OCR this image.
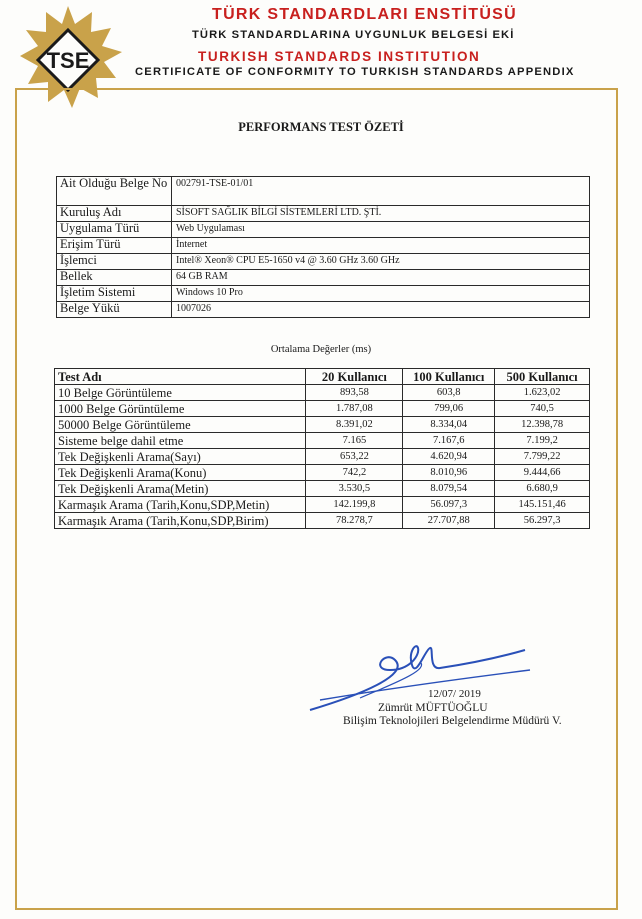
TSE
TÜRK STANDARDLARI ENSTİTÜSÜ
TÜRK STANDARDLARINA UYGUNLUK BELGESİ EKİ
TURKISH STANDARDS INSTITUTION
CERTIFICATE OF CONFORMITY TO TURKISH STANDARDS APPENDIX
PERFORMANS TEST ÖZETİ
Ait Olduğu Belge No	002791-TSE-01/01
Kuruluş Adı	SİSOFT SAĞLIK BİLGİ SİSTEMLERİ LTD. ŞTİ.
Uygulama Türü	Web Uygulaması
Erişim Türü	İnternet
İşlemci	Intel® Xeon® CPU E5-1650 v4 @ 3.60 GHz 3.60 GHz
Bellek	64 GB RAM
İşletim Sistemi	Windows 10 Pro
Belge Yükü	1007026
Ortalama Değerler (ms)
Test Adı	20 Kullanıcı	100 Kullanıcı	500 Kullanıcı
10 Belge Görüntüleme	893,58	603,8	1.623,02
1000 Belge Görüntüleme	1.787,08	799,06	740,5
50000 Belge Görüntüleme	8.391,02	8.334,04	12.398,78
Sisteme belge dahil etme	7.165	7.167,6	7.199,2
Tek Değişkenli Arama(Sayı)	653,22	4.620,94	7.799,22
Tek Değişkenli Arama(Konu)	742,2	8.010,96	9.444,66
Tek Değişkenli Arama(Metin)	3.530,5	8.079,54	6.680,9
Karmaşık Arama (Tarih,Konu,SDP,Metin)	142.199,8	56.097,3	145.151,46
Karmaşık Arama (Tarih,Konu,SDP,Birim)	78.278,7	27.707,88	56.297,3
12/07/ 2019
Zümrüt MÜFTÜOĞLU
Bilişim Teknolojileri Belgelendirme Müdürü V.
